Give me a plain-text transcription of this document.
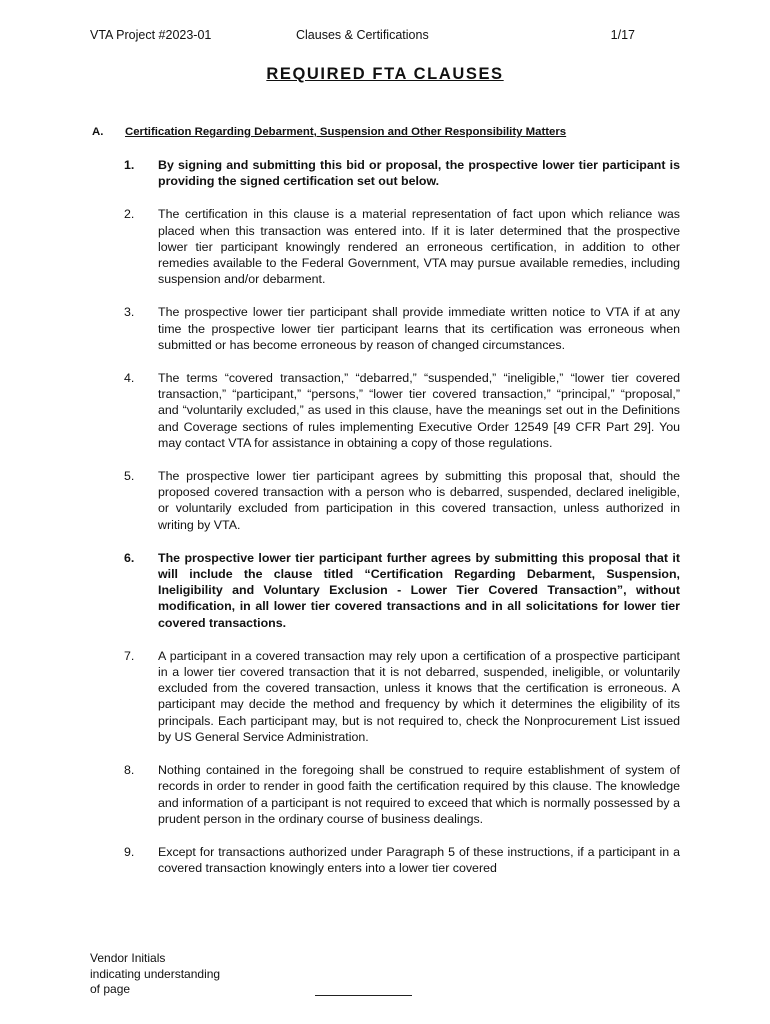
VTA Project #2023-01	Clauses & Certifications	1/17
REQUIRED FTA CLAUSES
A. Certification Regarding Debarment, Suspension and Other Responsibility Matters
1. By signing and submitting this bid or proposal, the prospective lower tier participant is providing the signed certification set out below.
2. The certification in this clause is a material representation of fact upon which reliance was placed when this transaction was entered into. If it is later determined that the prospective lower tier participant knowingly rendered an erroneous certification, in addition to other remedies available to the Federal Government, VTA may pursue available remedies, including suspension and/or debarment.
3. The prospective lower tier participant shall provide immediate written notice to VTA if at any time the prospective lower tier participant learns that its certification was erroneous when submitted or has become erroneous by reason of changed circumstances.
4. The terms “covered transaction,” “debarred,” “suspended,” “ineligible,” “lower tier covered transaction,” “participant,” “persons,” “lower tier covered transaction,” “principal,” “proposal,” and “voluntarily excluded,” as used in this clause, have the meanings set out in the Definitions and Coverage sections of rules implementing Executive Order 12549 [49 CFR Part 29]. You may contact VTA for assistance in obtaining a copy of those regulations.
5. The prospective lower tier participant agrees by submitting this proposal that, should the proposed covered transaction with a person who is debarred, suspended, declared ineligible, or voluntarily excluded from participation in this covered transaction, unless authorized in writing by VTA.
6. The prospective lower tier participant further agrees by submitting this proposal that it will include the clause titled “Certification Regarding Debarment, Suspension, Ineligibility and Voluntary Exclusion - Lower Tier Covered Transaction”, without modification, in all lower tier covered transactions and in all solicitations for lower tier covered transactions.
7. A participant in a covered transaction may rely upon a certification of a prospective participant in a lower tier covered transaction that it is not debarred, suspended, ineligible, or voluntarily excluded from the covered transaction, unless it knows that the certification is erroneous. A participant may decide the method and frequency by which it determines the eligibility of its principals. Each participant may, but is not required to, check the Nonprocurement List issued by US General Service Administration.
8. Nothing contained in the foregoing shall be construed to require establishment of system of records in order to render in good faith the certification required by this clause. The knowledge and information of a participant is not required to exceed that which is normally possessed by a prudent person in the ordinary course of business dealings.
9. Except for transactions authorized under Paragraph 5 of these instructions, if a participant in a covered transaction knowingly enters into a lower tier covered
Vendor Initials
indicating understanding
of page
